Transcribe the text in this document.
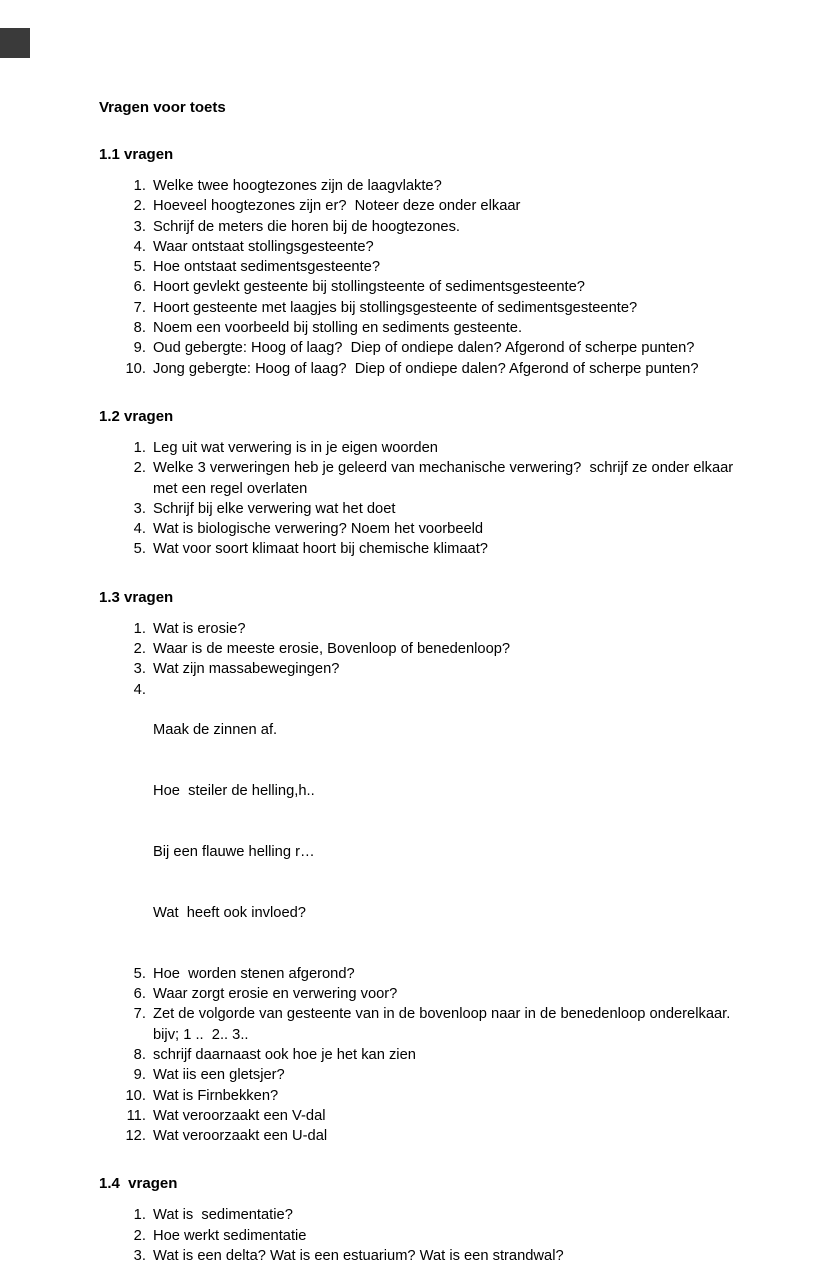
Vragen voor toets
1.1 vragen
1. Welke twee hoogtezones zijn de laagvlakte?
2. Hoeveel hoogtezones zijn er?  Noteer deze onder elkaar
3. Schrijf de meters die horen bij de hoogtezones.
4. Waar ontstaat stollingsgesteente?
5. Hoe ontstaat sedimentsgesteente?
6. Hoort gevlekt gesteente bij stollingsteente of sedimentsgesteente?
7. Hoort gesteente met laagjes bij stollingsgesteente of sedimentsgesteente?
8. Noem een voorbeeld bij stolling en sediments gesteente.
9. Oud gebergte: Hoog of laag?  Diep of ondiepe dalen? Afgerond of scherpe punten?
10. Jong gebergte: Hoog of laag?  Diep of ondiepe dalen? Afgerond of scherpe punten?
1.2 vragen
1. Leg uit wat verwering is in je eigen woorden
2. Welke 3 verweringen heb je geleerd van mechanische verwering?  schrijf ze onder elkaar met een regel overlaten
3. Schrijf bij elke verwering wat het doet
4. Wat is biologische verwering? Noem het voorbeeld
5. Wat voor soort klimaat hoort bij chemische klimaat?
1.3 vragen
1. Wat is erosie?
2. Waar is de meeste erosie, Bovenloop of benedenloop?
3. Wat zijn massabewegingen?

4. Maak de zinnen af.

Hoe  steiler de helling,h..

Bij een flauwe helling r…

Wat  heeft ook invloed?

5. Hoe  worden stenen afgerond?
6. Waar zorgt erosie en verwering voor?
7. Zet de volgorde van gesteente van in de bovenloop naar in de benedenloop onderelkaar. bijv; 1 ..  2.. 3..
8. schrijf daarnaast ook hoe je het kan zien
9. Wat iis een gletsjer?
10. Wat is Firnbekken?
11. Wat veroorzaakt een V-dal
12. Wat veroorzaakt een U-dal
1.4  vragen
1. Wat is  sedimentatie?
2. Hoe werkt sedimentatie
3. Wat is een delta? Wat is een estuarium? Wat is een strandwal?
